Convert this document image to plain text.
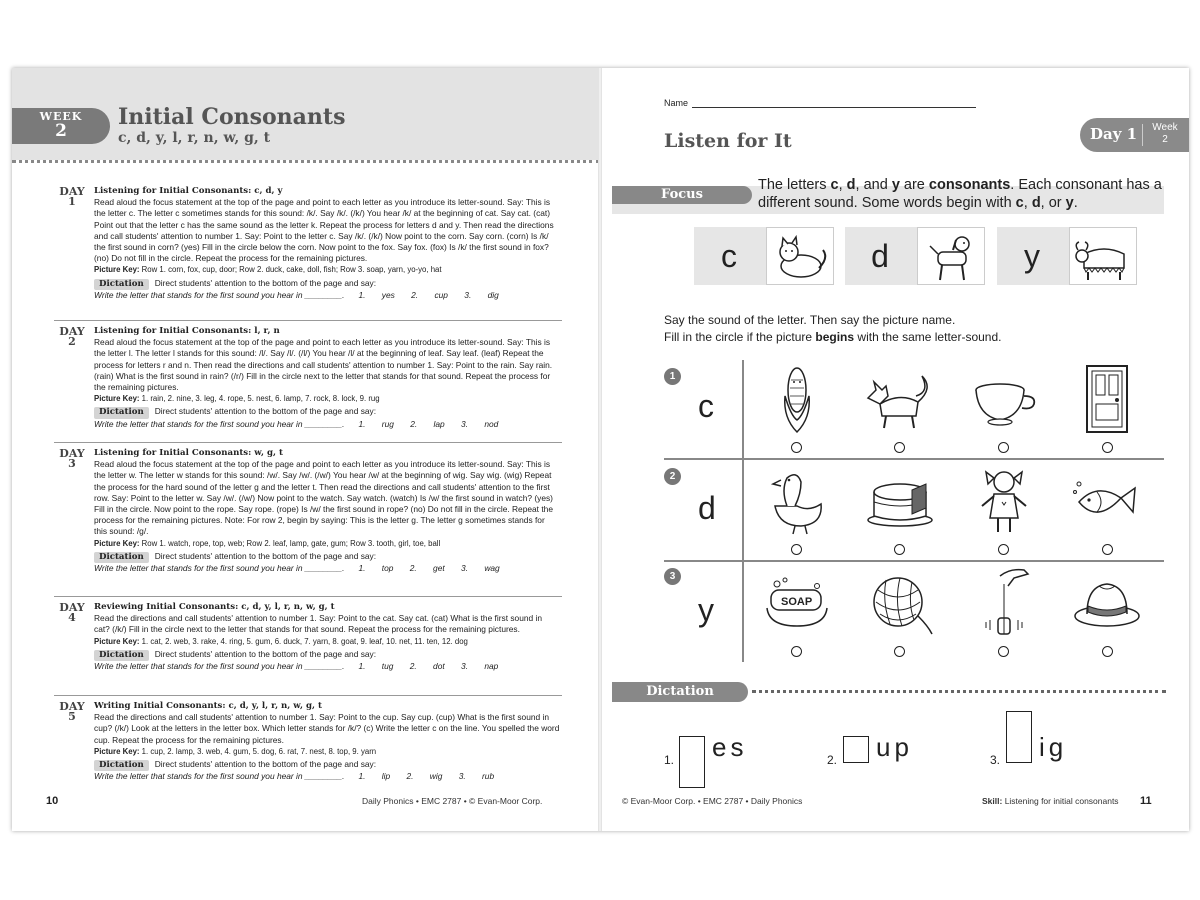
WEEK
2
Initial Consonants
c, d, y, l, r, n, w, g, t
DAY
1
Listening for Initial Consonants: c, d, y
Read aloud the focus statement at the top of the page and point to each letter as you introduce its letter-sound. Say: This is the letter c. The letter c sometimes stands for this sound: /k/. Say /k/. (/k/) You hear /k/ at the beginning of cat. Say cat. (cat) Point out that the letter c has the same sound as the letter k. Repeat the process for letters d and y. Then read the directions and call students' attention to number 1. Say: Point to the letter c. Say /k/. (/k/) Now point to the corn. Say corn. (corn) Is /k/ the first sound in corn? (yes) Fill in the circle below the corn. Now point to the fox. Say fox. (fox) Is /k/ the first sound in fox? (no) Do not fill in the circle. Repeat the process for the remaining pictures.
Picture Key: Row 1. corn, fox, cup, door; Row 2. duck, cake, doll, fish; Row 3. soap, yarn, yo-yo, hat
Dictation Direct students' attention to the bottom of the page and say:
Write the letter that stands for the first sound you hear in ________. 1. yes 2. cup 3. dig
DAY
2
Listening for Initial Consonants: l, r, n
Read aloud the focus statement at the top of the page and point to each letter as you introduce its letter-sound. Say: This is the letter l. The letter l stands for this sound: /l/. Say /l/. (/l/) You hear /l/ at the beginning of leaf. Say leaf. (leaf) Repeat the process for letters r and n. Then read the directions and call students' attention to number 1. Say: Point to the rain. Say rain. (rain) What is the first sound in rain? (/r/) Fill in the circle next to the letter that stands for that sound. Repeat the process for the remaining pictures.
Picture Key: 1. rain, 2. nine, 3. leg, 4. rope, 5. nest, 6. lamp, 7. rock, 8. lock, 9. rug
Dictation Direct students' attention to the bottom of the page and say:
Write the letter that stands for the first sound you hear in ________. 1. rug 2. lap 3. nod
DAY
3
Listening for Initial Consonants: w, g, t
Read aloud the focus statement at the top of the page and point to each letter as you introduce its letter-sound. Say: This is the letter w. The letter w stands for this sound: /w/. Say /w/. (/w/) You hear /w/ at the beginning of wig. Say wig. (wig) Repeat the process for the hard sound of the letter g and the letter t. Then read the directions and call students' attention to the first row. Say: Point to the letter w. Say /w/. (/w/) Now point to the watch. Say watch. (watch) Is /w/ the first sound in watch? (yes) Fill in the circle. Now point to the rope. Say rope. (rope) Is /w/ the first sound in rope? (no) Do not fill in the circle. Repeat the process for the remaining pictures. Note: For row 2, begin by saying: This is the letter g. The letter g sometimes stands for this sound: /g/.
Picture Key: Row 1. watch, rope, top, web; Row 2. leaf, lamp, gate, gum; Row 3. tooth, girl, toe, ball
Dictation Direct students' attention to the bottom of the page and say:
Write the letter that stands for the first sound you hear in ________. 1. top 2. get 3. wag
DAY
4
Reviewing Initial Consonants: c, d, y, l, r, n, w, g, t
Read the directions and call students' attention to number 1. Say: Point to the cat. Say cat. (cat) What is the first sound in cat? (/k/) Fill in the circle next to the letter that stands for that sound. Repeat the process for the remaining pictures.
Picture Key: 1. cat, 2. web, 3. rake, 4. ring, 5. gum, 6. duck, 7. yarn, 8. goat, 9. leaf, 10. net, 11. ten, 12. dog
Dictation Direct students' attention to the bottom of the page and say:
Write the letter that stands for the first sound you hear in ________. 1. tug 2. dot 3. nap
DAY
5
Writing Initial Consonants: c, d, y, l, r, n, w, g, t
Read the directions and call students' attention to number 1. Say: Point to the cup. Say cup. (cup) What is the first sound in cup? (/k/) Look at the letters in the letter box. Which letter stands for /k/? (c) Write the letter c on the line. You spelled the word cup. Repeat the process for the remaining pictures.
Picture Key: 1. cup, 2. lamp, 3. web, 4. gum, 5. dog, 6. rat, 7. nest, 8. top, 9. yarn
Dictation Direct students' attention to the bottom of the page and say:
Write the letter that stands for the first sound you hear in ________. 1. lip 2. wig 3. rub
10	Daily Phonics • EMC 2787 • © Evan-Moor Corp.
Name
Listen for It	Day 1	Week
2
Focus
The letters c, d, and y are consonants. Each consonant has a different sound. Some words begin with c, d, or y.
c	d	y
Say the sound of the letter. Then say the picture name.
Fill in the circle if the picture begins with the same letter-sound.
1
c
2
d
3
y	SOAP
Dictation
1. es	2. up	3. ig
© Evan-Moor Corp. • EMC 2787 • Daily Phonics	Skill: Listening for initial consonants 11
